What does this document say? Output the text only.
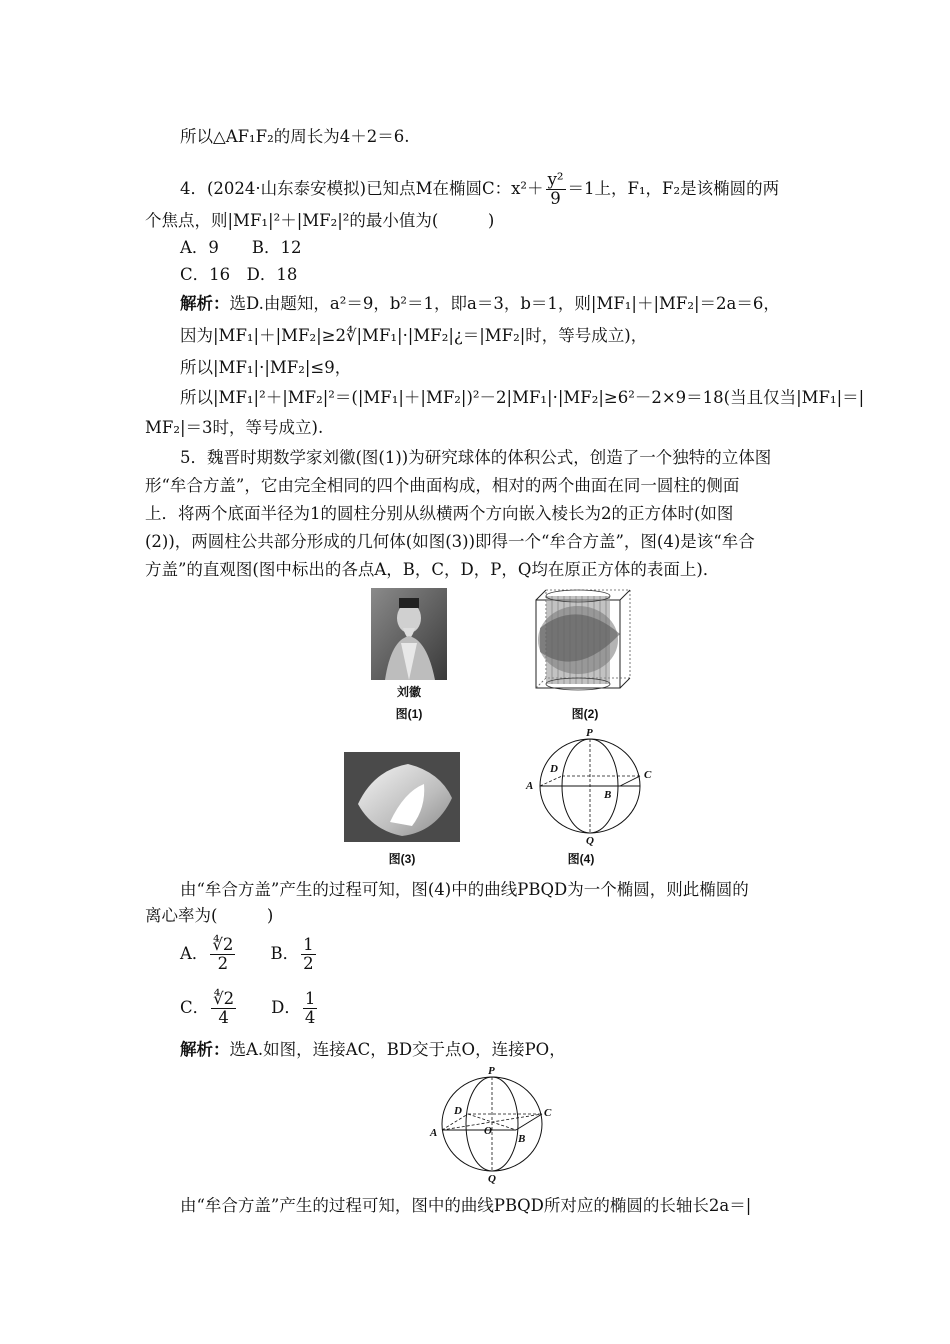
所以△AF₁F₂的周长为4＋2＝6.
4．(2024·山东泰安模拟)已知点M在椭圆C：$x^2+ \frac{\text{y²}}{9} =1$上，F₁，F₂是该椭圆的两
个焦点，则|MF₁|²＋|MF₂|²的最小值为(　　　)
A．9　　 B．12
C．16　 D．18
解析：选D.由题知，a²＝9，b²＝1，即a＝3，b＝1，则|MF₁|＋|MF₂|＝2a＝6，
因为|MF₁|＋|MF₂|≥2∜|MF₁|·|MF₂|¿＝|MF₂|时，等号成立)，
所以|MF₁|·|MF₂|≤9，
所以|MF₁|²＋|MF₂|²＝(|MF₁|＋|MF₂|)²－2|MF₁|·|MF₂|≥6²－2×9＝18(当且仅当|MF₁|＝|
MF₂|＝3时，等号成立).
5．魏晋时期数学家刘徽(图(1))为研究球体的体积公式，创造了一个独特的立体图
形“牟合方盖”，它由完全相同的四个曲面构成，相对的两个曲面在同一圆柱的侧面
上．将两个底面半径为1的圆柱分别从纵横两个方向嵌入棱长为2的正方体时(如图
(2))，两圆柱公共部分形成的几何体(如图(3))即得一个“牟合方盖”，图(4)是该“牟合
方盖”的直观图(图中标出的各点A，B，C，D，P，Q均在原正方体的表面上)．
刘徽
图(1)	图(2)
图(3)
P
Q
A
B
C
D
图(4)
由“牟合方盖”产生的过程可知，图(4)中的曲线PBQD为一个椭圆，则此椭圆的
离心率为(　　　)
A． $\frac{∜2}{2}$
　　 B． $\frac{1}{2}$
C． $\frac{∜2}{4}$
　　 D． $\frac{1}{4}$
解析：选A.如图，连接AC，BD交于点O，连接PO，
P
Q
A	B
C
D
O
由“牟合方盖”产生的过程可知，图中的曲线PBQD所对应的椭圆的长轴长2a＝|
